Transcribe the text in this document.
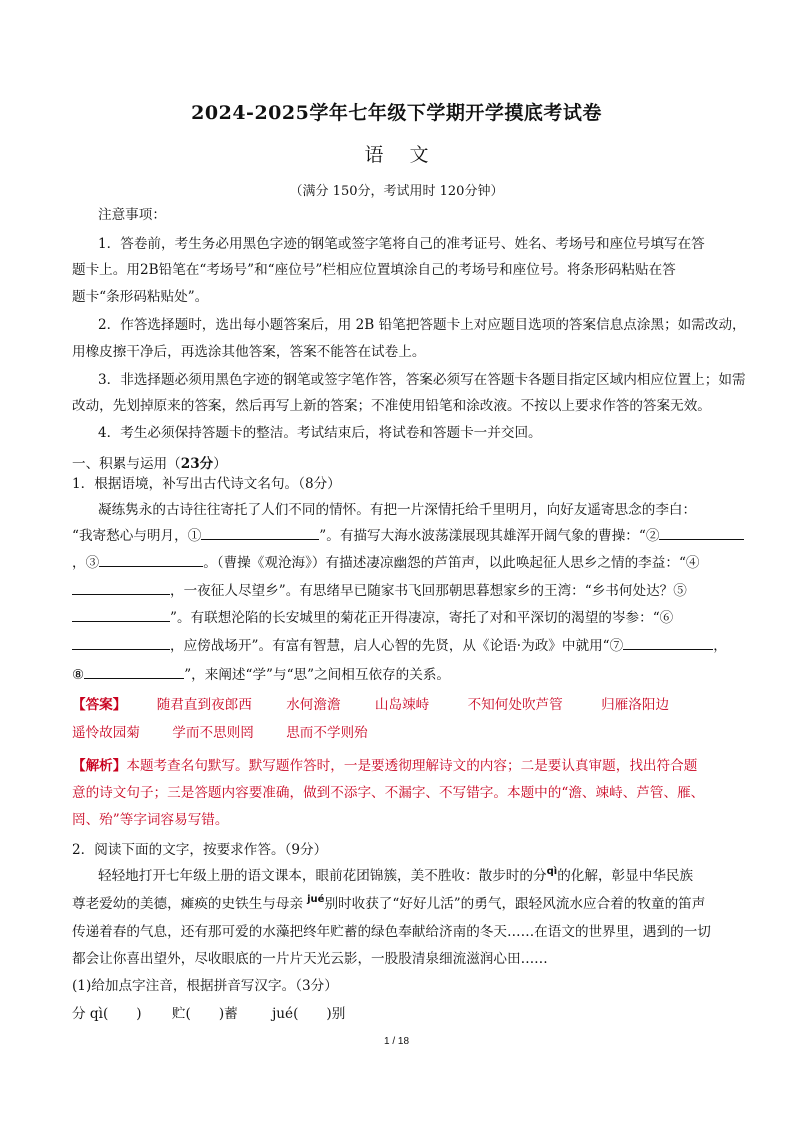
2024-2025学年七年级下学期开学摸底考试卷
语文
（满分 150分，考试用时 120分钟）
注意事项：
1．答卷前，考生务必用黑色字迹的钢笔或签字笔将自己的准考证号、姓名、考场号和座位号填写在答
题卡上。用2B铅笔在“考场号”和“座位号”栏相应位置填涂自己的考场号和座位号。将条形码粘贴在答
题卡“条形码粘贴处”。
2．作答选择题时，选出每小题答案后，用 2B 铅笔把答题卡上对应题目选项的答案信息点涂黑；如需改动，
用橡皮擦干净后，再选涂其他答案，答案不能答在试卷上。
3．非选择题必须用黑色字迹的钢笔或签字笔作答，答案必须写在答题卡各题目指定区域内相应位置上；如需
改动，先划掉原来的答案，然后再写上新的答案；不准使用铅笔和涂改液。不按以上要求作答的答案无效。
4．考生必须保持答题卡的整洁。考试结束后，将试卷和答题卡一并交回。
一、积累与运用（23分）
1．根据语境，补写出古代诗文名句。（8分）
凝练隽永的古诗往往寄托了人们不同的情怀。有把一片深情托给千里明月，向好友遥寄思念的李白：
“我寄愁心与明月，①	”。有描写大海水波荡漾展现其雄浑开阔气象的曹操：“②
，③	。（曹操《观沧海》）有描述凄凉幽怨的芦笛声，以此唤起征人思乡之情的李益：“④
，一夜征人尽望乡”。有思绪早已随家书飞回那朝思暮想家乡的王湾：“乡书何处达？⑤
”。有联想沦陷的长安城里的菊花正开得凄凉，寄托了对和平深切的渴望的岑参：“⑥
，应傍战场开”。有富有智慧，启人心智的先贤，从《论语·为政》中就用“⑦	，
⑧	”，来阐述“学”与“思”之间相互依存的关系。
【答案】 随君直到夜郎西	水何澹澹	山岛竦峙	不知何处吹芦管	归雁洛阳边
遥怜故园菊 学而不思则罔 思而不学则殆
【解析】本题考查名句默写。默写题作答时，一是要透彻理解诗文的内容；二是要认真审题，找出符合题
意的诗文句子；三是答题内容要准确，做到不添字、不漏字、不写错字。本题中的“澹、竦峙、芦管、雁、
罔、殆”等字词容易写错。
2．阅读下面的文字，按要求作答。（9分）
轻轻地打开七年级上册的语文课本，眼前花团锦簇，美不胜收：散步时的分$^{qì}$的化解，彰显中华民族
尊老爱幼的美德，瘫痪的史铁生与母亲 $^{jué}$别时收获了“好好儿活”的勇气，跟轻风流水应合着的牧童的笛声
传递着春的气息，还有那可爱的水藻把终年贮蓄的绿色奉献给济南的冬天……在语文的世界里，遇到的一切
都会让你喜出望外，尽收眼底的一片片天光云影，一股股清泉细流滋润心田……
(1)给加点字注音，根据拼音写汉字。（3分）
分 qì( ) 贮( )蓄	jué( )别
1 / 18
